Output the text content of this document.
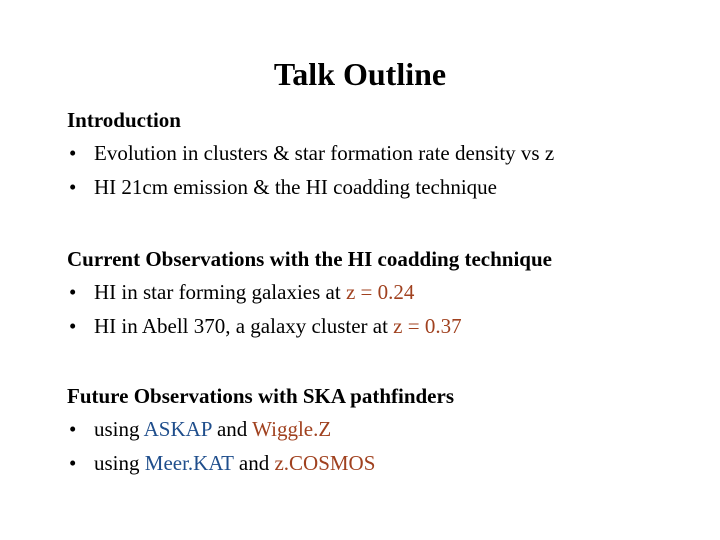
Talk Outline
Introduction
• Evolution in clusters & star formation rate density vs z
• HI 21cm emission & the HI coadding technique
Current Observations with the HI coadding technique
• HI in star forming galaxies at z = 0.24
• HI in Abell 370, a galaxy cluster at z = 0.37
Future Observations with SKA pathfinders
• using ASKAP and Wiggle.Z
• using Meer.KAT and z.COSMOS
